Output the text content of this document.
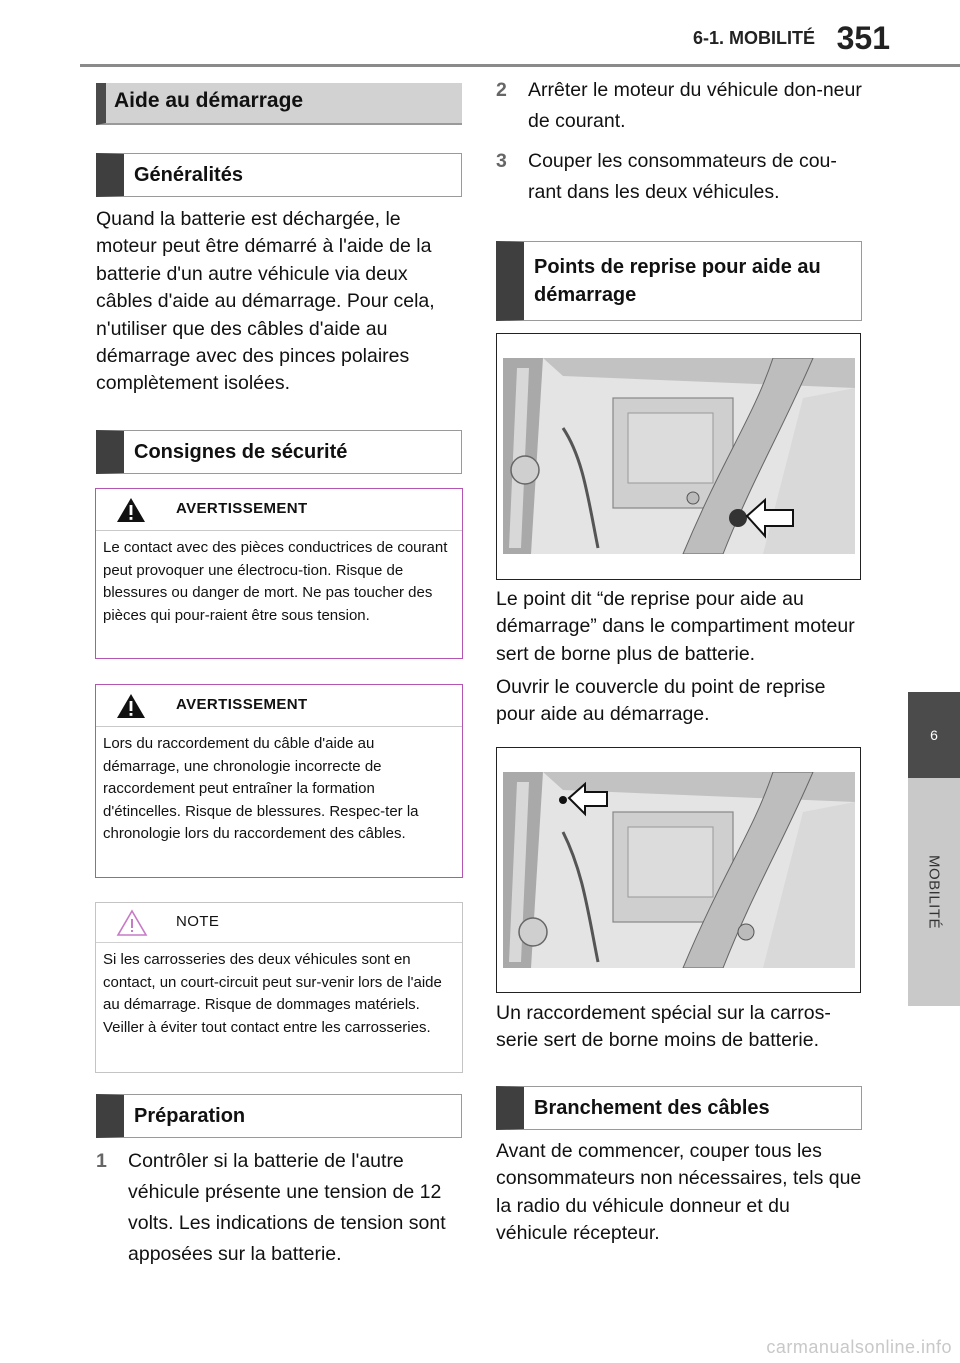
6-1. MOBILITÉ 351
6
MOBILITÉ
Aide au démarrage
Généralités
Quand la batterie est déchargée, le moteur peut être démarré à l'aide de la batterie d'un autre véhicule via deux câbles d'aide au démarrage. Pour cela, n'utiliser que des câbles d'aide au démarrage avec des pinces polaires complètement isolées.
Consignes de sécurité
AVERTISSEMENT
Le contact avec des pièces conductrices de courant peut provoquer une électrocu-tion. Risque de blessures ou danger de mort. Ne pas toucher des pièces qui pour-raient être sous tension.
AVERTISSEMENT
Lors du raccordement du câble d'aide au démarrage, une chronologie incorrecte de raccordement peut entraîner la formation d'étincelles. Risque de blessures. Respec-ter la chronologie lors du raccordement des câbles.
NOTE
Si les carrosseries des deux véhicules sont en contact, un court-circuit peut sur-venir lors de l'aide au démarrage. Risque de dommages matériels. Veiller à éviter tout contact entre les carrosseries.
Préparation
1 Contrôler si la batterie de l'autre véhicule présente une tension de 12 volts. Les indications de tension sont apposées sur la batterie.
2 Arrêter le moteur du véhicule don-neur de courant.
3 Couper les consommateurs de cou-rant dans les deux véhicules.
Points de reprise pour aide au démarrage
Le point dit “de reprise pour aide au démarrage” dans le compartiment moteur sert de borne plus de batterie.
Ouvrir le couvercle du point de reprise pour aide au démarrage.
Un raccordement spécial sur la carros-serie sert de borne moins de batterie.
Branchement des câbles
Avant de commencer, couper tous les consommateurs non nécessaires, tels que la radio du véhicule donneur et du véhicule récepteur.
carmanualsonline.info
